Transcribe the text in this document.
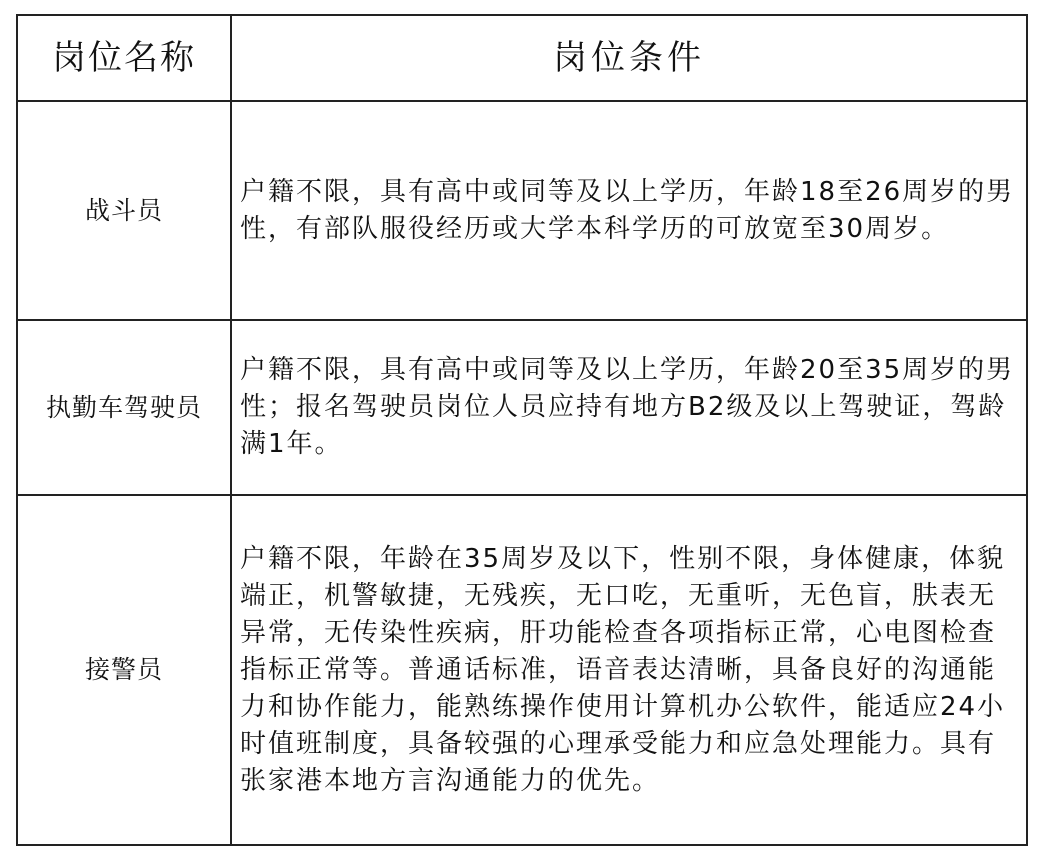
岗位名称	岗位条件
战斗员
户籍不限，具有高中或同等及以上学历，年龄18至26周岁的男性，有部队服役经历或大学本科学历的可放宽至30周岁。
执勤车驾驶员
户籍不限，具有高中或同等及以上学历，年龄20至35周岁的男性；报名驾驶员岗位人员应持有地方B2级及以上驾驶证，驾龄满1年。
接警员
户籍不限，年龄在35周岁及以下，性别不限，身体健康，体貌端正，机警敏捷，无残疾，无口吃，无重听，无色盲，肤表无异常，无传染性疾病，肝功能检查各项指标正常，心电图检查指标正常等。普通话标准，语音表达清晰，具备良好的沟通能力和协作能力，能熟练操作使用计算机办公软件，能适应24小时值班制度，具备较强的心理承受能力和应急处理能力。具有张家港本地方言沟通能力的优先。
